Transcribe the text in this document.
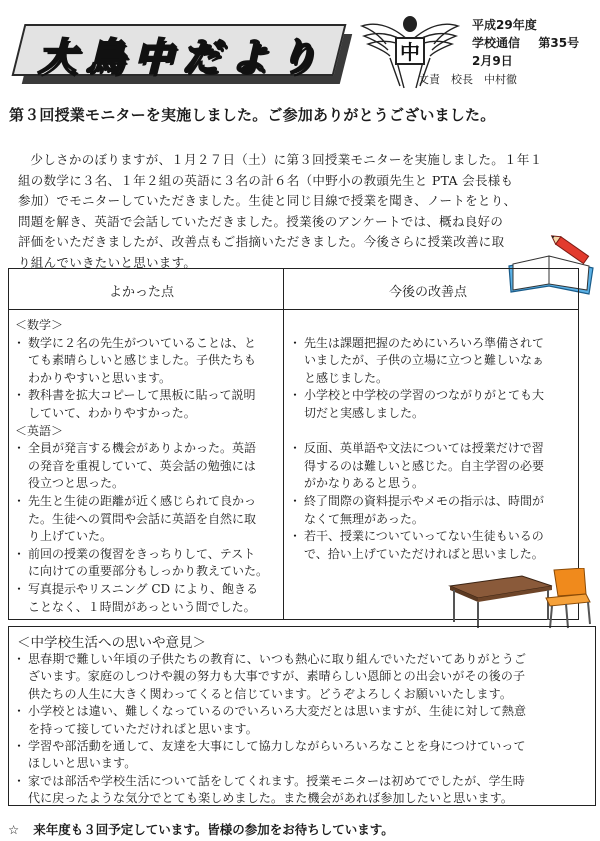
大鳥中だより	中
平成29年度
学校通信 第35号
2月9日
文責　校長　中村徹
第３回授業モニターを実施しました。ご参加ありがとうございました。

少しさかのぼりますが、１月２７日（土）に第３回授業モニターを実施しました。１年１

組の数学に３名、１年２組の英語に３名の計６名（中野小の教頭先生と PTA 会長様も
参加）でモニターしていただきました。生徒と同じ目線で授業を聞き、ノートをとり、
問題を解き、英語で会話していただきました。授業後のアンケートでは、概ね良好の
評価をいただきましたが、改善点もご指摘いただきました。今後さらに授業改善に取
り組んでいきたいと思います。
よかった点	今後の改善点
＜数学＞
・ 数学に２名の先生がついていることは、と
ても素晴らしいと感じました。子供たちも
わかりやすいと思います。
・ 教科書を拡大コピーして黒板に貼って説明
していて、わかりやすかった。
＜英語＞
・ 全員が発言する機会がありよかった。英語
の発音を重視していて、英会話の勉強には
役立つと思った。
・ 先生と生徒の距離が近く感じられて良かっ
た。生徒への質問や会話に英語を自然に取
り上げていた。
・ 前回の授業の復習をきっちりして、テスト
に向けての重要部分もしっかり教えていた。
・ 写真提示やリスニング CD により、飽きる
ことなく、１時間があっという間でした。
・ 先生は課題把握のためにいろいろ準備されて
いましたが、子供の立場に立つと難しいなぁ
と感じました。
・ 小学校と中学校の学習のつながりがとても大
切だと実感しました。
・ 反面、英単語や文法については授業だけで習
得するのは難しいと感じた。自主学習の必要
がかなりあると思う。
・ 終了間際の資料提示やメモの指示は、時間が
なくて無理があった。
・ 若干、授業についていってない生徒もいるの
で、拾い上げていただければと思いました。
＜中学校生活への思いや意見＞
・ 思春期で難しい年頃の子供たちの教育に、いつも熱心に取り組んでいただいてありがとうご
ざいます。家庭のしつけや親の努力も大事ですが、素晴らしい恩師との出会いがその後の子
供たちの人生に大きく関わってくると信じています。どうぞよろしくお願いいたします。
・ 小学校とは違い、難しくなっているのでいろいろ大変だとは思いますが、生徒に対して熱意
を持って接していただければと思います。
・ 学習や部活動を通して、友達を大事にして協力しながらいろいろなことを身につけていって
ほしいと思います。
・ 家では部活や学校生活について話をしてくれます。授業モニターは初めてでしたが、学生時
代に戻ったような気分でとても楽しめました。また機会があれば参加したいと思います。
☆ 来年度も３回予定しています。皆様の参加をお待ちしています。
